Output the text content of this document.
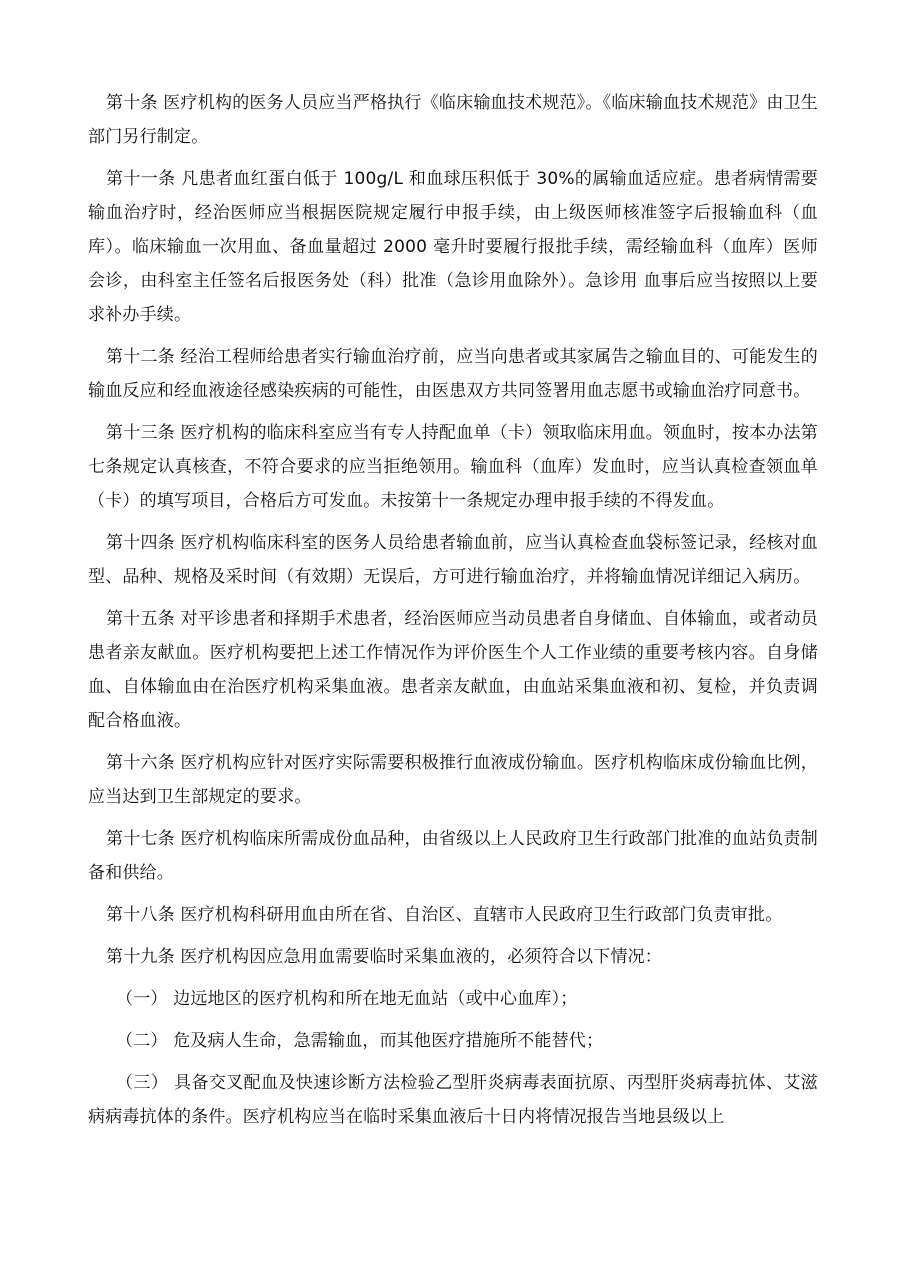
第十条 医疗机构的医务人员应当严格执行《临床输血技术规范》。《临床输血技术规范》由卫生部门另行制定。

第十一条 凡患者血红蛋白低于 100g/L 和血球压积低于 30%的属输血适应症。患者病情需要输血治疗时，经治医师应当根据医院规定履行申报手续，由上级医师核准签字后报输血科（血库）。临床输血一次用血、备血量超过 2000 毫升时要履行报批手续，需经输血科（血库）医师会诊，由科室主任签名后报医务处（科）批准（急诊用血除外）。急诊用 血事后应当按照以上要求补办手续。

第十二条 经治工程师给患者实行输血治疗前，应当向患者或其家属告之输血目的、可能发生的输血反应和经血液途径感染疾病的可能性，由医患双方共同签署用血志愿书或输血治疗同意书。

第十三条 医疗机构的临床科室应当有专人持配血单（卡）领取临床用血。领血时，按本办法第七条规定认真核查，不符合要求的应当拒绝领用。输血科（血库）发血时，应当认真检查领血单（卡）的填写项目，合格后方可发血。未按第十一条规定办理申报手续的不得发血。

第十四条 医疗机构临床科室的医务人员给患者输血前，应当认真检查血袋标签记录，经核对血型、品种、规格及采时间（有效期）无误后，方可进行输血治疗，并将输血情况详细记入病历。

第十五条 对平诊患者和择期手术患者，经治医师应当动员患者自身储血、自体输血，或者动员患者亲友献血。医疗机构要把上述工作情况作为评价医生个人工作业绩的重要考核内容。自身储血、自体输血由在治医疗机构采集血液。患者亲友献血，由血站采集血液和初、复检，并负责调配合格血液。

第十六条 医疗机构应针对医疗实际需要积极推行血液成份输血。医疗机构临床成份输血比例，应当达到卫生部规定的要求。

第十七条 医疗机构临床所需成份血品种，由省级以上人民政府卫生行政部门批准的血站负责制备和供给。

第十八条 医疗机构科研用血由所在省、自治区、直辖市人民政府卫生行政部门负责审批。

第十九条 医疗机构因应急用血需要临时采集血液的，必须符合以下情况：

（一） 边远地区的医疗机构和所在地无血站（或中心血库）；

（二） 危及病人生命，急需输血，而其他医疗措施所不能替代；

（三） 具备交叉配血及快速诊断方法检验乙型肝炎病毒表面抗原、丙型肝炎病毒抗体、艾滋病病毒抗体的条件。医疗机构应当在临时采集血液后十日内将情况报告当地县级以上
